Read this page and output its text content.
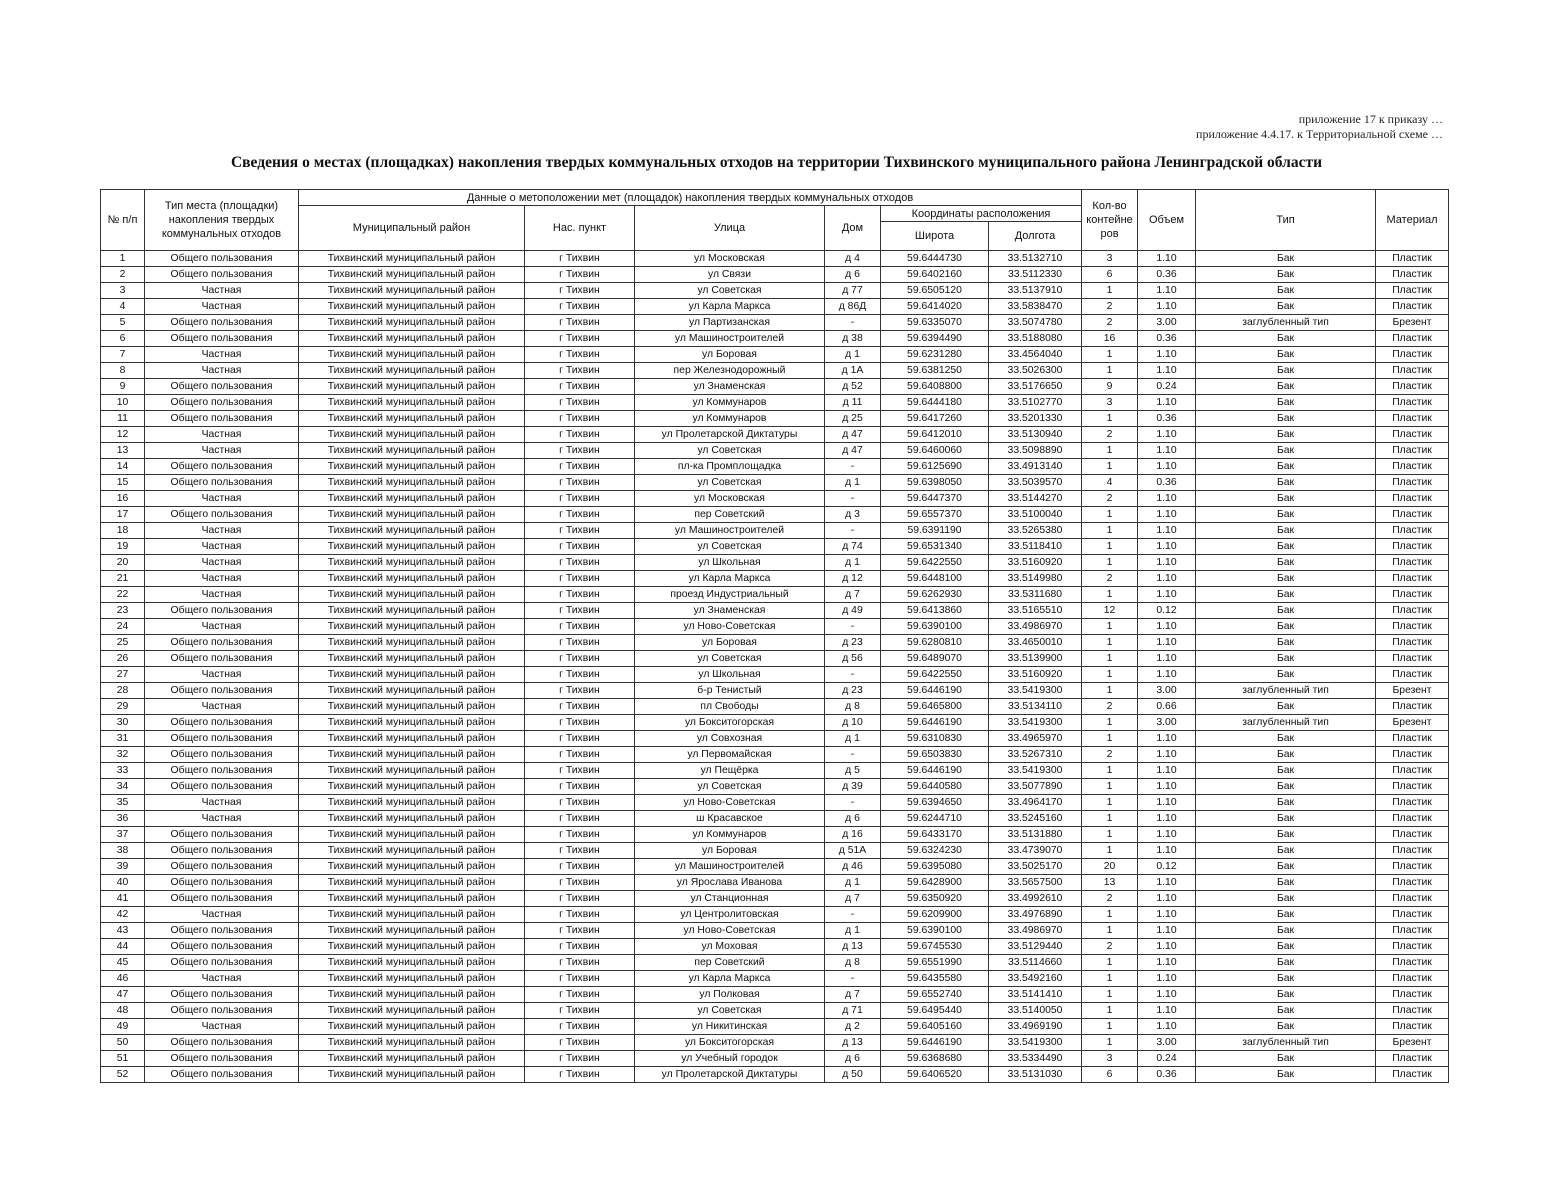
приложение 17 к приказу …
приложение 4.4.17. к Территориальной схеме …
Сведения о местах (площадках) накопления твердых коммунальных отходов на территории Тихвинского муниципального района Ленинградской области
№ п/п	Тип места (площадки) накопления твердых коммунальных отходов	Данные о метоположении мет (площадок) накопления твердых коммунальных отходов						Кол-во контейне ров	Объем	Тип	Материал
		Муниципальный район	Нас. пункт	Улица	Дом	Координаты расположения					
						Широта	Долгота				
1	Общего пользования	Тихвинский муниципальный район	г Тихвин	ул Московская	д 4	59.6444730	33.5132710	3	1.10	Бак	Пластик
2	Общего пользования	Тихвинский муниципальный район	г Тихвин	ул Связи	д 6	59.6402160	33.5112330	6	0.36	Бак	Пластик
3	Частная	Тихвинский муниципальный район	г Тихвин	ул Советская	д 77	59.6505120	33.5137910	1	1.10	Бак	Пластик
4	Частная	Тихвинский муниципальный район	г Тихвин	ул Карла Маркса	д 86Д	59.6414020	33.5838470	2	1.10	Бак	Пластик
5	Общего пользования	Тихвинский муниципальный район	г Тихвин	ул Партизанская	-	59.6335070	33.5074780	2	3.00	заглубленный тип	Брезент
6	Общего пользования	Тихвинский муниципальный район	г Тихвин	ул Машиностроителей	д 38	59.6394490	33.5188080	16	0.36	Бак	Пластик
7	Частная	Тихвинский муниципальный район	г Тихвин	ул Боровая	д 1	59.6231280	33.4564040	1	1.10	Бак	Пластик
8	Частная	Тихвинский муниципальный район	г Тихвин	пер Железнодорожный	д 1А	59.6381250	33.5026300	1	1.10	Бак	Пластик
9	Общего пользования	Тихвинский муниципальный район	г Тихвин	ул Знаменская	д 52	59.6408800	33.5176650	9	0.24	Бак	Пластик
10	Общего пользования	Тихвинский муниципальный район	г Тихвин	ул Коммунаров	д 11	59.6444180	33.5102770	3	1.10	Бак	Пластик
11	Общего пользования	Тихвинский муниципальный район	г Тихвин	ул Коммунаров	д 25	59.6417260	33.5201330	1	0.36	Бак	Пластик
12	Частная	Тихвинский муниципальный район	г Тихвин	ул Пролетарской Диктатуры	д 47	59.6412010	33.5130940	2	1.10	Бак	Пластик
13	Частная	Тихвинский муниципальный район	г Тихвин	ул Советская	д 47	59.6460060	33.5098890	1	1.10	Бак	Пластик
14	Общего пользования	Тихвинский муниципальный район	г Тихвин	пл-ка Промплощадка	-	59.6125690	33.4913140	1	1.10	Бак	Пластик
15	Общего пользования	Тихвинский муниципальный район	г Тихвин	ул Советская	д 1	59.6398050	33.5039570	4	0.36	Бак	Пластик
16	Частная	Тихвинский муниципальный район	г Тихвин	ул Московская	-	59.6447370	33.5144270	2	1.10	Бак	Пластик
17	Общего пользования	Тихвинский муниципальный район	г Тихвин	пер Советский	д 3	59.6557370	33.5100040	1	1.10	Бак	Пластик
18	Частная	Тихвинский муниципальный район	г Тихвин	ул Машиностроителей	-	59.6391190	33.5265380	1	1.10	Бак	Пластик
19	Частная	Тихвинский муниципальный район	г Тихвин	ул Советская	д 74	59.6531340	33.5118410	1	1.10	Бак	Пластик
20	Частная	Тихвинский муниципальный район	г Тихвин	ул Школьная	д 1	59.6422550	33.5160920	1	1.10	Бак	Пластик
21	Частная	Тихвинский муниципальный район	г Тихвин	ул Карла Маркса	д 12	59.6448100	33.5149980	2	1.10	Бак	Пластик
22	Частная	Тихвинский муниципальный район	г Тихвин	проезд Индустриальный	д 7	59.6262930	33.5311680	1	1.10	Бак	Пластик
23	Общего пользования	Тихвинский муниципальный район	г Тихвин	ул Знаменская	д 49	59.6413860	33.5165510	12	0.12	Бак	Пластик
24	Частная	Тихвинский муниципальный район	г Тихвин	ул Ново-Советская	-	59.6390100	33.4986970	1	1.10	Бак	Пластик
25	Общего пользования	Тихвинский муниципальный район	г Тихвин	ул Боровая	д 23	59.6280810	33.4650010	1	1.10	Бак	Пластик
26	Общего пользования	Тихвинский муниципальный район	г Тихвин	ул Советская	д 56	59.6489070	33.5139900	1	1.10	Бак	Пластик
27	Частная	Тихвинский муниципальный район	г Тихвин	ул Школьная	-	59.6422550	33.5160920	1	1.10	Бак	Пластик
28	Общего пользования	Тихвинский муниципальный район	г Тихвин	б-р Тенистый	д 23	59.6446190	33.5419300	1	3.00	заглубленный тип	Брезент
29	Частная	Тихвинский муниципальный район	г Тихвин	пл Свободы	д 8	59.6465800	33.5134110	2	0.66	Бак	Пластик
30	Общего пользования	Тихвинский муниципальный район	г Тихвин	ул Бокситогорская	д 10	59.6446190	33.5419300	1	3.00	заглубленный тип	Брезент
31	Общего пользования	Тихвинский муниципальный район	г Тихвин	ул Совхозная	д 1	59.6310830	33.4965970	1	1.10	Бак	Пластик
32	Общего пользования	Тихвинский муниципальный район	г Тихвин	ул Первомайская	-	59.6503830	33.5267310	2	1.10	Бак	Пластик
33	Общего пользования	Тихвинский муниципальный район	г Тихвин	ул Пещёрка	д 5	59.6446190	33.5419300	1	1.10	Бак	Пластик
34	Общего пользования	Тихвинский муниципальный район	г Тихвин	ул Советская	д 39	59.6440580	33.5077890	1	1.10	Бак	Пластик
35	Частная	Тихвинский муниципальный район	г Тихвин	ул Ново-Советская	-	59.6394650	33.4964170	1	1.10	Бак	Пластик
36	Частная	Тихвинский муниципальный район	г Тихвин	ш Красавское	д 6	59.6244710	33.5245160	1	1.10	Бак	Пластик
37	Общего пользования	Тихвинский муниципальный район	г Тихвин	ул Коммунаров	д 16	59.6433170	33.5131880	1	1.10	Бак	Пластик
38	Общего пользования	Тихвинский муниципальный район	г Тихвин	ул Боровая	д 51А	59.6324230	33.4739070	1	1.10	Бак	Пластик
39	Общего пользования	Тихвинский муниципальный район	г Тихвин	ул Машиностроителей	д 46	59.6395080	33.5025170	20	0.12	Бак	Пластик
40	Общего пользования	Тихвинский муниципальный район	г Тихвин	ул Ярослава Иванова	д 1	59.6428900	33.5657500	13	1.10	Бак	Пластик
41	Общего пользования	Тихвинский муниципальный район	г Тихвин	ул Станционная	д 7	59.6350920	33.4992610	2	1.10	Бак	Пластик
42	Частная	Тихвинский муниципальный район	г Тихвин	ул Центролитовская	-	59.6209900	33.4976890	1	1.10	Бак	Пластик
43	Общего пользования	Тихвинский муниципальный район	г Тихвин	ул Ново-Советская	д 1	59.6390100	33.4986970	1	1.10	Бак	Пластик
44	Общего пользования	Тихвинский муниципальный район	г Тихвин	ул Моховая	д 13	59.6745530	33.5129440	2	1.10	Бак	Пластик
45	Общего пользования	Тихвинский муниципальный район	г Тихвин	пер Советский	д 8	59.6551990	33.5114660	1	1.10	Бак	Пластик
46	Частная	Тихвинский муниципальный район	г Тихвин	ул Карла Маркса	-	59.6435580	33.5492160	1	1.10	Бак	Пластик
47	Общего пользования	Тихвинский муниципальный район	г Тихвин	ул Полковая	д 7	59.6552740	33.5141410	1	1.10	Бак	Пластик
48	Общего пользования	Тихвинский муниципальный район	г Тихвин	ул Советская	д 71	59.6495440	33.5140050	1	1.10	Бак	Пластик
49	Частная	Тихвинский муниципальный район	г Тихвин	ул Никитинская	д 2	59.6405160	33.4969190	1	1.10	Бак	Пластик
50	Общего пользования	Тихвинский муниципальный район	г Тихвин	ул Бокситогорская	д 13	59.6446190	33.5419300	1	3.00	заглубленный тип	Брезент
51	Общего пользования	Тихвинский муниципальный район	г Тихвин	ул Учебный городок	д 6	59.6368680	33.5334490	3	0.24	Бак	Пластик
52	Общего пользования	Тихвинский муниципальный район	г Тихвин	ул Пролетарской Диктатуры	д 50	59.6406520	33.5131030	6	0.36	Бак	Пластик
